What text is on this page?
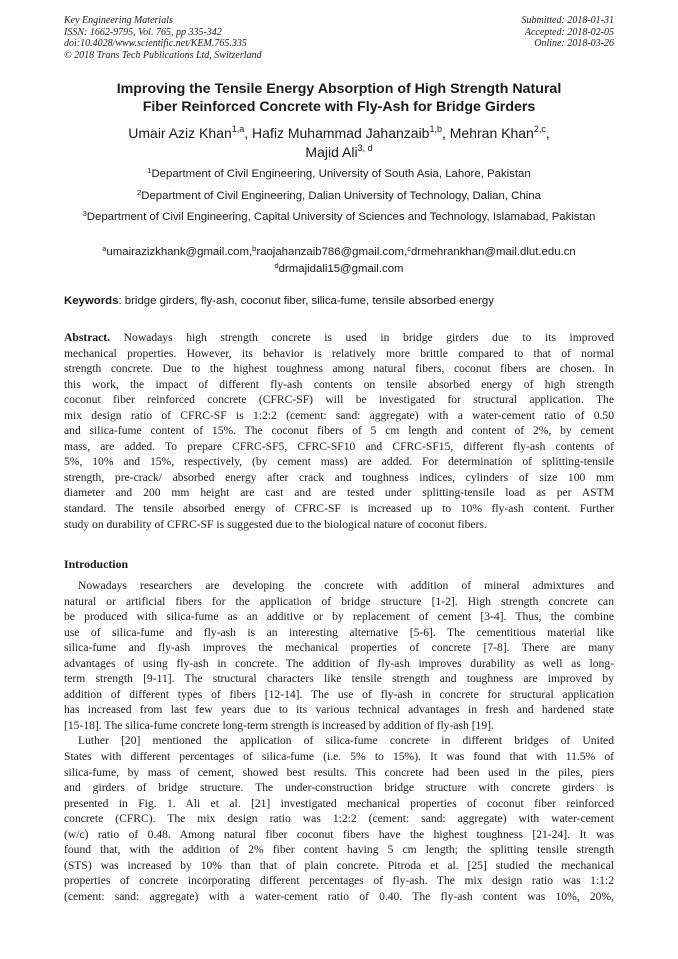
Key Engineering Materials
ISSN: 1662-9795, Vol. 765, pp 335-342
doi:10.4028/www.scientific.net/KEM.765.335
© 2018 Trans Tech Publications Ltd, Switzerland
Submitted: 2018-01-31
Accepted: 2018-02-05
Online: 2018-03-26
Improving the Tensile Energy Absorption of High Strength Natural
Fiber Reinforced Concrete with Fly-Ash for Bridge Girders
Umair Aziz Khan$^{1,a}$, Hafiz Muhammad Jahanzaib$^{1,b}$, Mehran Khan$^{2,c}$,
Majid Ali$^{3, d}$
$^1$Department of Civil Engineering, University of South Asia, Lahore, Pakistan
$^2$Department of Civil Engineering, Dalian University of Technology, Dalian, China
$^3$Department of Civil Engineering, Capital University of Sciences and Technology, Islamabad, Pakistan
$^a$umairazizkhank@gmail.com,$^b$raojahanzaib786@gmail.com,$^c$drmehrankhan@mail.dlut.edu.cn
$^d$drmajidali15@gmail.com
Keywords: bridge girders, fly-ash, coconut fiber, silica-fume, tensile absorbed energy
Abstract. Nowadays high strength concrete is used in bridge girders due to its improved
mechanical properties. However, its behavior is relatively more brittle compared to that of normal
strength concrete. Due to the highest toughness among natural fibers, coconut fibers are chosen. In
this work, the impact of different fly-ash contents on tensile absorbed energy of high strength
coconut fiber reinforced concrete (CFRC-SF) will be investigated for structural application. The
mix design ratio of CFRC-SF is 1:2:2 (cement: sand: aggregate) with a water-cement ratio of 0.50
and silica-fume content of 15%. The coconut fibers of 5 cm length and content of 2%, by cement
mass, are added. To prepare CFRC-SF5, CFRC-SF10 and CFRC-SF15, different fly-ash contents of
5%, 10% and 15%, respectively, (by cement mass) are added. For determination of splitting-tensile
strength, pre-crack/ absorbed energy after crack and toughness indices, cylinders of size 100 mm
diameter and 200 mm height are cast and are tested under splitting-tensile load as per ASTM
standard. The tensile absorbed energy of CFRC-SF is increased up to 10% fly-ash content. Further
study on durability of CFRC-SF is suggested due to the biological nature of coconut fibers.
Introduction
Nowadays researchers are developing the concrete with addition of mineral admixtures and
natural or artificial fibers for the application of bridge structure [1-2]. High strength concrete can
be produced with silica-fume as an additive or by replacement of cement [3-4]. Thus, the combine
use of silica-fume and fly-ash is an interesting alternative [5-6]. The cementitious material like
silica-fume and fly-ash improves the mechanical properties of concrete [7-8]. There are many
advantages of using fly-ash in concrete. The addition of fly-ash improves durability as well as long-
term strength [9-11]. The structural characters like tensile strength and toughness are improved by
addition of different types of fibers [12-14]. The use of fly-ash in concrete for structural application
has increased from last few years due to its various technical advantages in fresh and hardened state
[15-18]. The silica-fume concrete long-term strength is increased by addition of fly-ash [19].
Luther [20] mentioned the application of silica-fume concrete in different bridges of United
States with different percentages of silica-fume (i.e. 5% to 15%). It was found that with 11.5% of
silica-fume, by mass of cement, showed best results. This concrete had been used in the piles, piers
and girders of bridge structure. The under-construction bridge structure with concrete girders is
presented in Fig. 1. Ali et al. [21] investigated mechanical properties of coconut fiber reinforced
concrete (CFRC). The mix design ratio was 1:2:2 (cement: sand: aggregate) with water-cement
(w/c) ratio of 0.48. Among natural fiber coconut fibers have the highest toughness [21-24]. It was
found that, with the addition of 2% fiber content having 5 cm length; the splitting tensile strength
(STS) was increased by 10% than that of plain concrete. Pitroda et al. [25] studied the mechanical
properties of concrete incorporating different percentages of fly-ash. The mix design ratio was 1:1:2
(cement: sand: aggregate) with a water-cement ratio of 0.40. The fly-ash content was 10%, 20%,
